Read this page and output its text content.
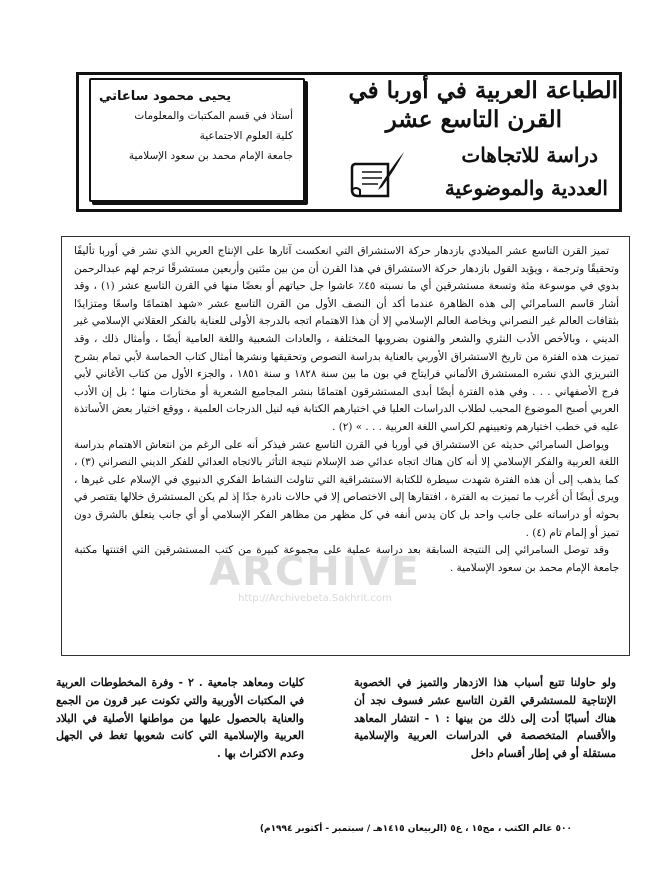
الطباعة العربية في أوربا في
القرن التاسع عشر
دراسة للاتجاهات
العددية والموضوعية
يحيى محمود ساعاتي
أستاذ في قسم المكتبات والمعلومات
كلية العلوم الاجتماعية
جامعة الإمام محمد بن سعود الإسلامية

تميز القرن التاسع عشر الميلادي بازدهار حركة الاستشراق التي انعكست آثارها على الإنتاج العربي الذي نشر في أوربا تأليفًا وتحقيقًا وترجمة ، ويؤيد القول بازدهار حركة الاستشراق في هذا القرن أن من بين مئتين وأربعين مستشرقًا ترجم لهم عبدالرحمن بدوي في موسوعة مئة وتسعة مستشرقين أي ما نسبته ٤٥٪ عاشوا جل حياتهم أو بعضًا منها في القرن التاسع عشر (١) ، وقد أشار قاسم السامرائي إلى هذه الظاهرة عندما أكد أن النصف الأول من القرن التاسع عشر «شهد اهتمامًا واسعًا ومتزايدًا بثقافات العالم غير النصراني وبخاصة العالم الإسلامي إلا أن هذا الاهتمام اتجه بالدرجة الأولى للعناية بالفكر العقلاني الإسلامي غير الديني ، وبالأخص الأدب النثري والشعر والفنون بضروبها المختلفة ، والعادات الشعبية واللغة العامية أيضًا ، وأمثال ذلك ، وقد تميزت هذه الفترة من تاريخ الاستشراق الأوربي بالعناية بدراسة النصوص وتحقيقها ونشرها أمثال كتاب الحماسة لأبي تمام بشرح التبريزي الذي نشره المستشرق الألماني فرايتاج في بون ما بين سنة ١٨٢٨ و سنة ١٨٥١ ، والجزء الأول من كتاب الأغاني لأبي فرج الأصفهاني . . . وفي هذه الفترة أيضًا أبدى المستشرقون اهتمامًا بنشر المجاميع الشعرية أو مختارات منها ؛ بل إن الأدب العربي أصبح الموضوع المحبب لطلاب الدراسات العليا في اختيارهم الكتابة فيه لنيل الدرجات العلمية ، ووقع اختيار بعض الأساتذة عليه في خطب اختيارهم وتعيينهم لكراسي اللغة العربية . . . » (٢) .

ويواصل السامرائي حديثه عن الاستشراق في أوربا في القرن التاسع عشر فيذكر أنه على الرغم من انتعاش الاهتمام بدراسة اللغة العربية والفكر الإسلامي إلا أنه كان هناك اتجاه عدائي ضد الإسلام نتيجة التأثر بالاتجاه العدائي للفكر الديني النصراني (٣) ، كما يذهب إلى أن هذه الفترة شهدت سيطرة للكتابة الاستشراقية التي تناولت النشاط الفكري الدنيوي في الإسلام على غيرها ، ويرى أيضًا أن أغرب ما تميزت به الفترة ، افتقارها إلى الاختصاص إلا في حالات نادرة جدًا إذ لم يكن المستشرق خلالها يقتصر في بحوثه أو دراساته على جانب واحد بل كان يدس أنفه في كل مظهر من مظاهر الفكر الإسلامي أو أي جانب يتعلق بالشرق دون تميز أو إلمام تام (٤) .

وقد توصل السامرائي إلى النتيجة السابقة بعد دراسة عملية على مجموعة كبيرة من كتب المستشرقين التي اقتنتها مكتبة جامعة الإمام محمد بن سعود الإسلامية .

ARCHIVE
http://Archivebeta.Sakhrit.com

ولو حاولنا تتبع أسباب هذا الازدهار والتميز في الخصوبة الإنتاجية للمستشرقي القرن التاسع عشر فسوف نجد أن هناك أسبابًا أدت إلى ذلك من بينها : ١ - انتشار المعاهد والأقسام المتخصصة في الدراسات العربية والإسلامية مستقلة أو في إطار أقسام داخل

كليات ومعاهد جامعية . ٢ - وفرة المخطوطات العربية في المكتبات الأوربية والتي تكونت عبر قرون من الجمع والعناية بالحصول عليها من مواطنها الأصلية في البلاد العربية والإسلامية التي كانت شعوبها تغط في الجهل وعدم الاكتراث بها .

٥٠٠ عالم الكتب ، مج١٥ ، ع٥ (الربيعان ١٤١٥هـ / سبتمبر - أكتوبر ١٩٩٤م)
